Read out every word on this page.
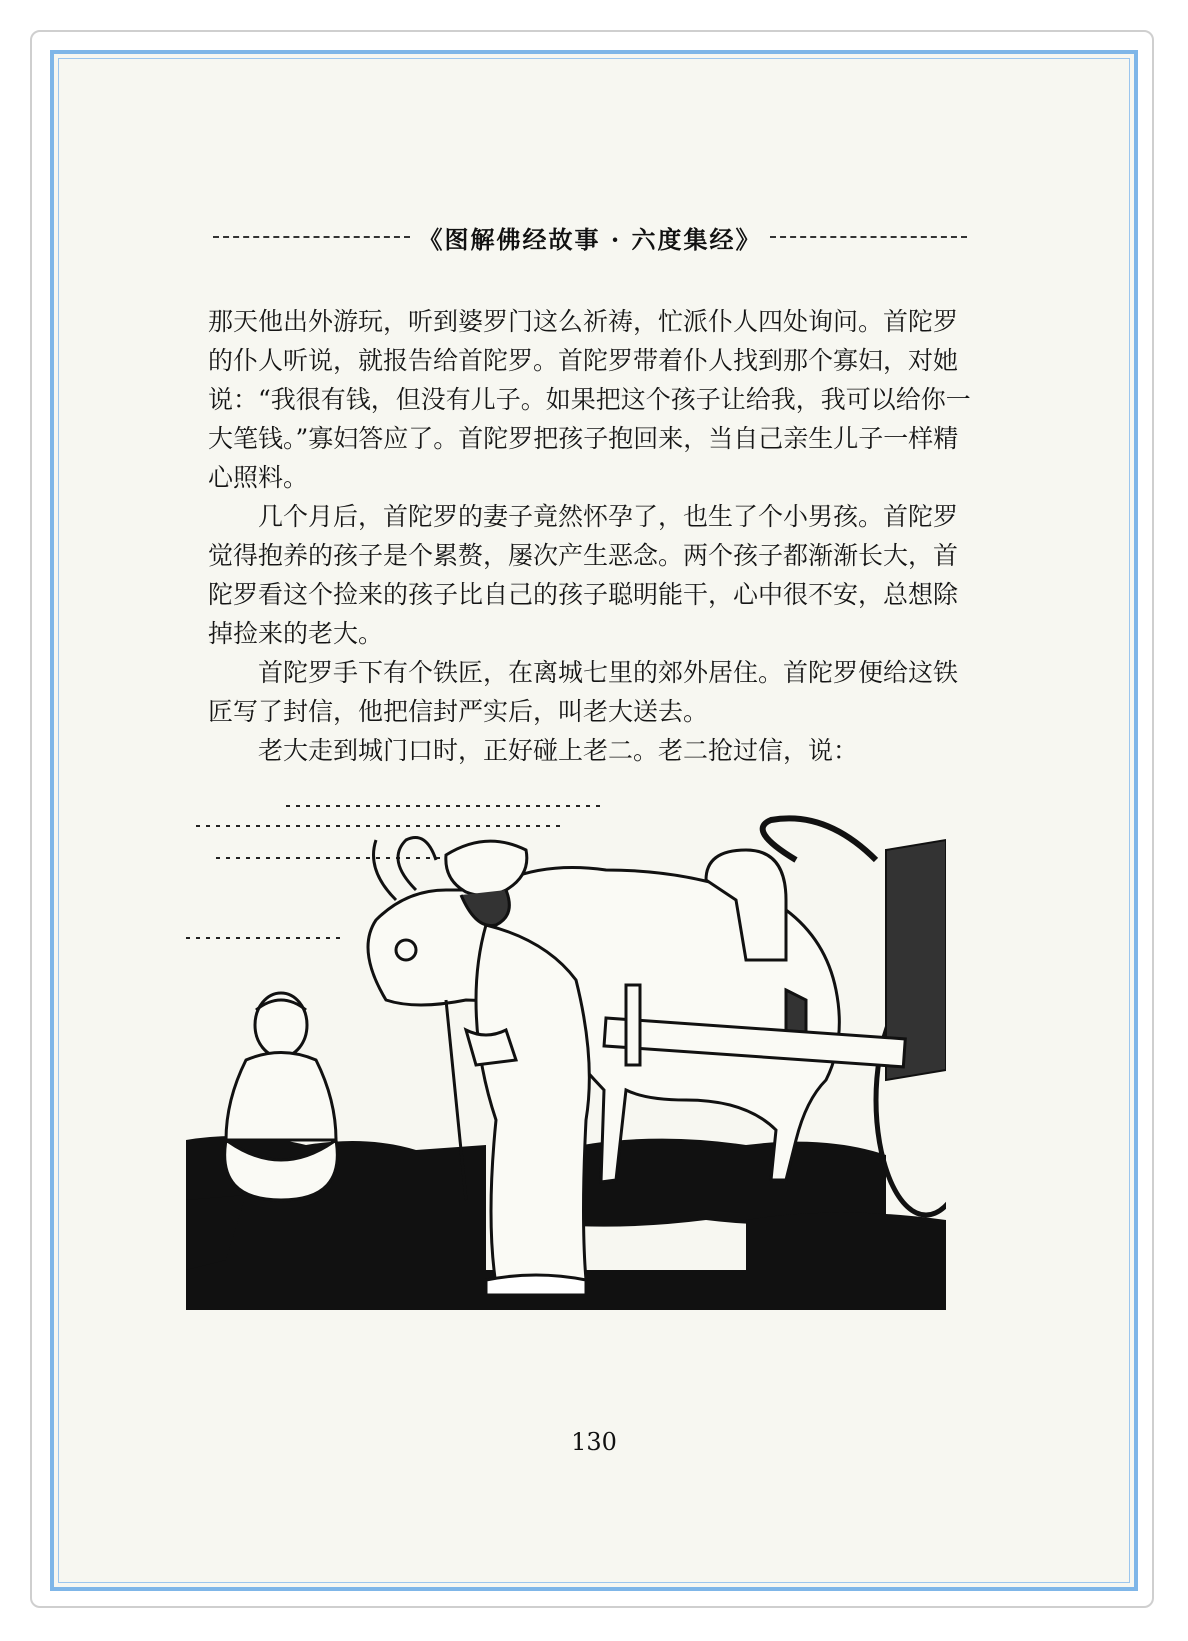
《图解佛经故事 · 六度集经》

那天他出外游玩，听到婆罗门这么祈祷，忙派仆人四处询问。首陀罗的仆人听说，就报告给首陀罗。首陀罗带着仆人找到那个寡妇，对她说：“我很有钱，但没有儿子。如果把这个孩子让给我，我可以给你一大笔钱。”寡妇答应了。首陀罗把孩子抱回来，当自己亲生儿子一样精心照料。

几个月后，首陀罗的妻子竟然怀孕了，也生了个小男孩。首陀罗觉得抱养的孩子是个累赘，屡次产生恶念。两个孩子都渐渐长大，首陀罗看这个捡来的孩子比自己的孩子聪明能干，心中很不安，总想除掉捡来的老大。

首陀罗手下有个铁匠，在离城七里的郊外居住。首陀罗便给这铁匠写了封信，他把信封严实后，叫老大送去。

老大走到城门口时，正好碰上老二。老二抢过信，说：

130
